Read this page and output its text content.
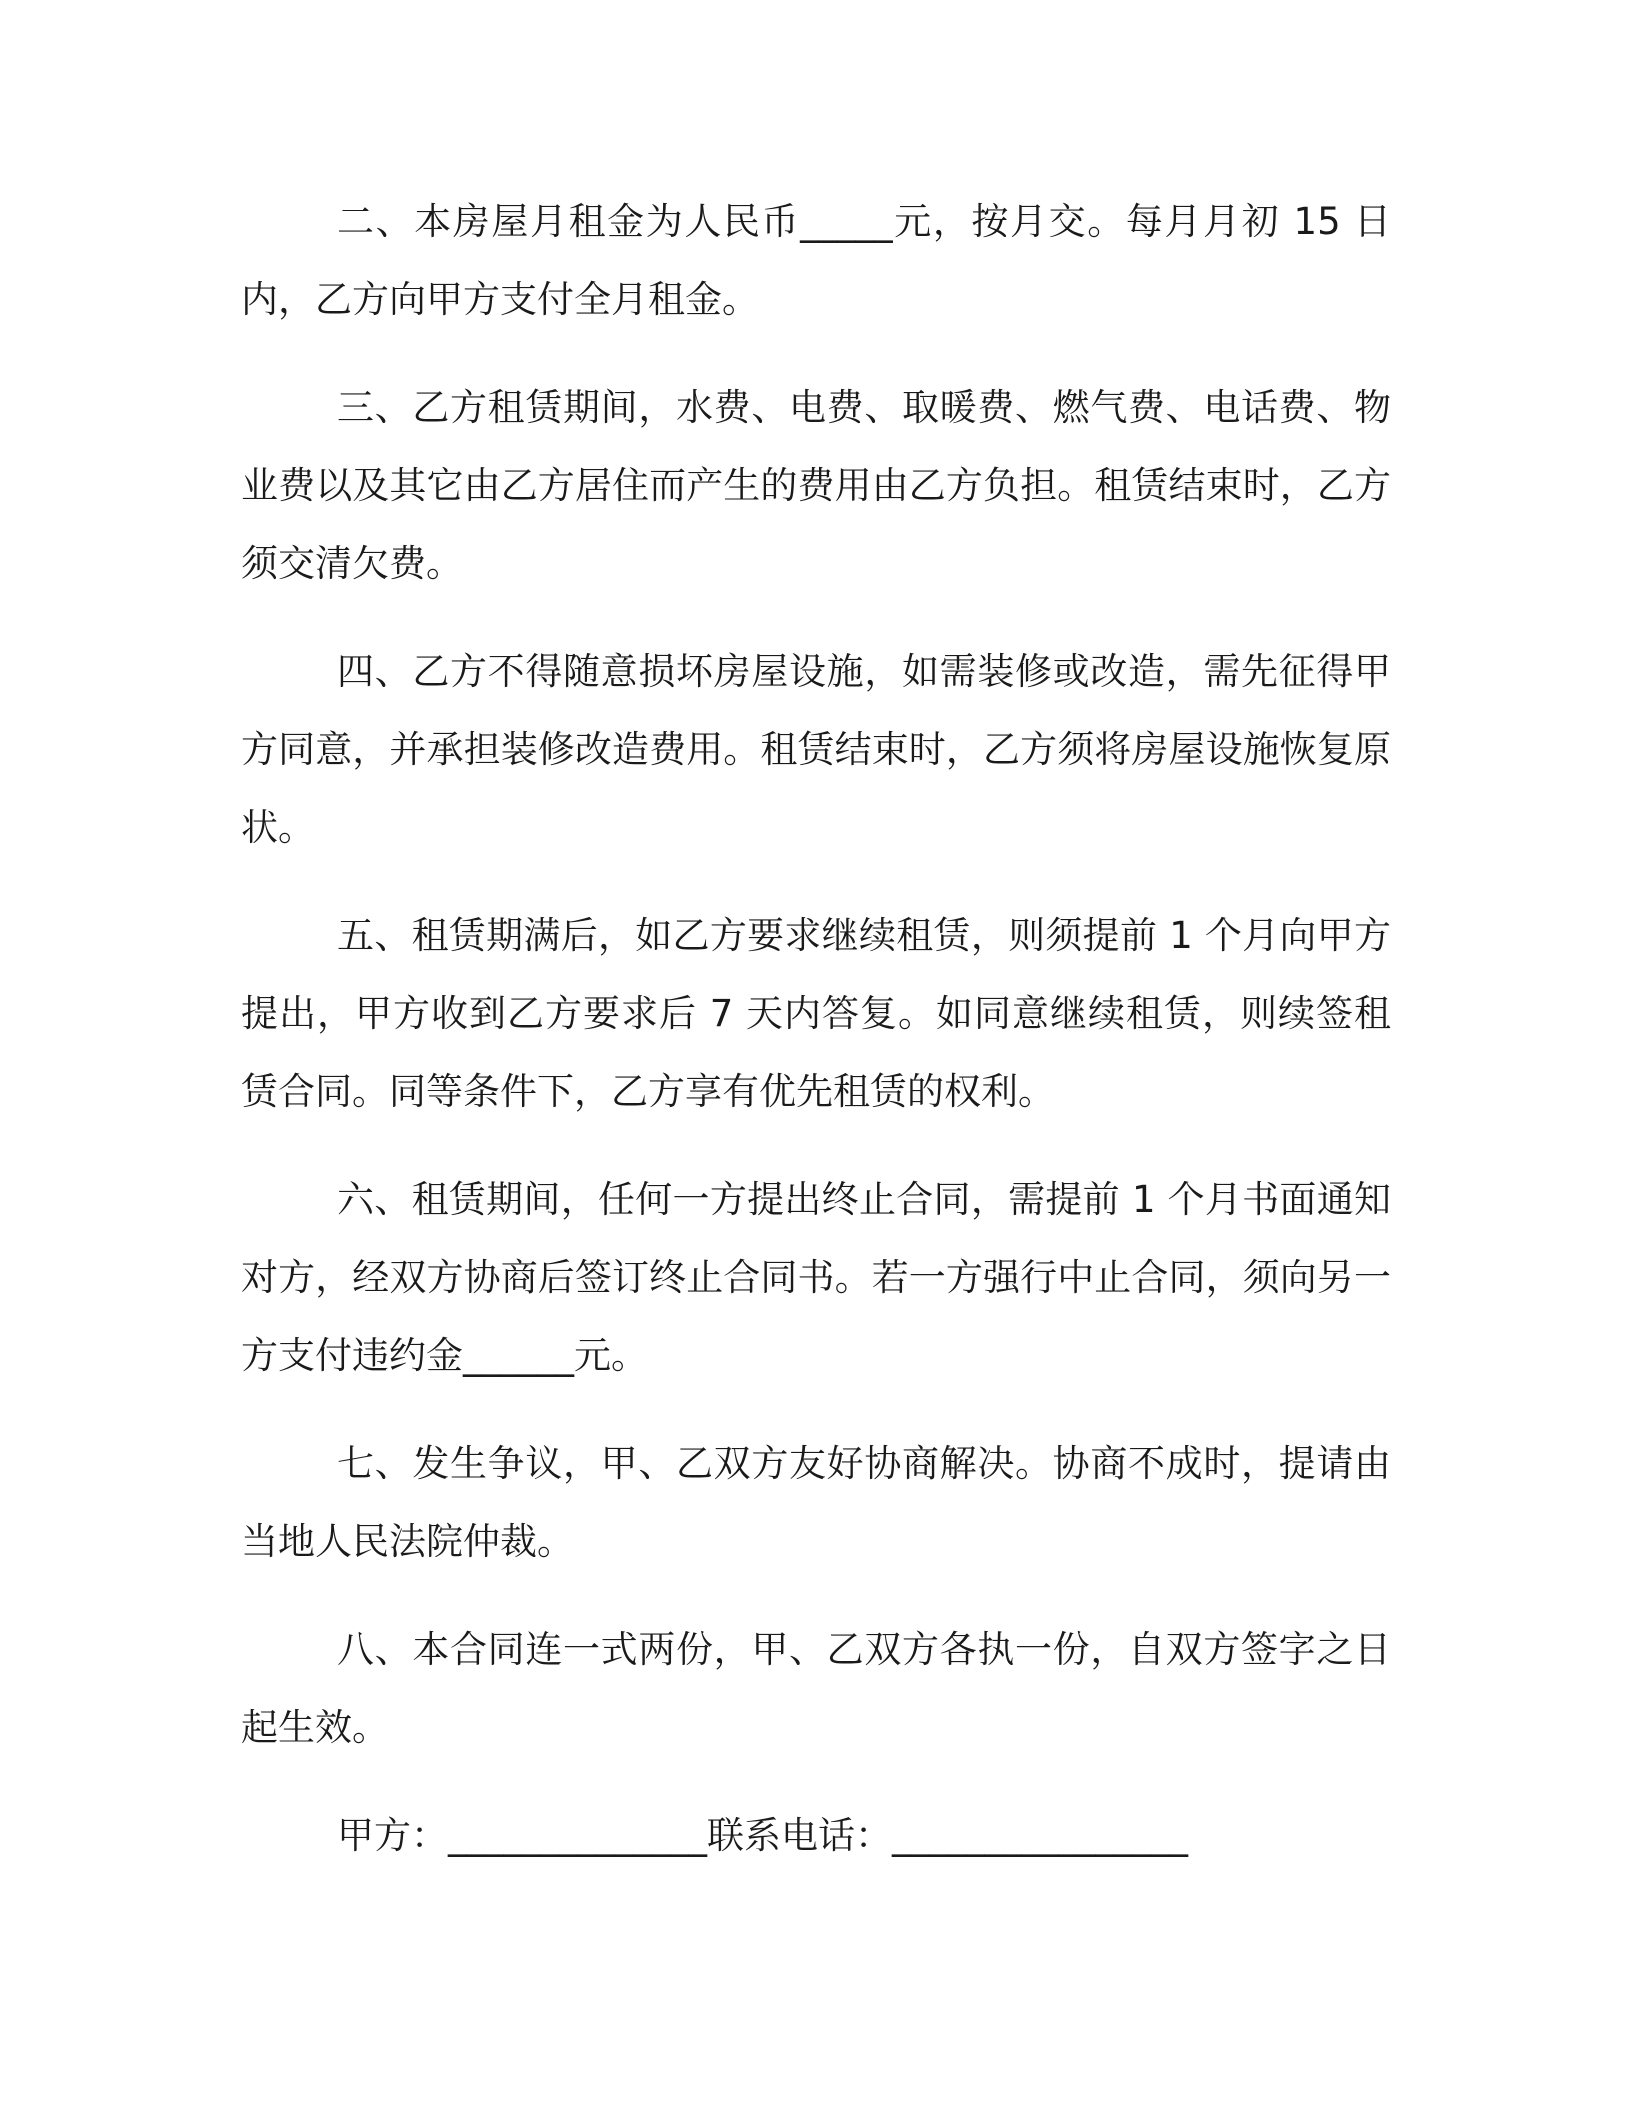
二、本房屋月租金为人民币_____元，按月交。每月月初 15 日内，乙方向甲方支付全月租金。

三、乙方租赁期间，水费、电费、取暖费、燃气费、电话费、物业费以及其它由乙方居住而产生的费用由乙方负担。租赁结束时，乙方须交清欠费。

四、乙方不得随意损坏房屋设施，如需装修或改造，需先征得甲方同意，并承担装修改造费用。租赁结束时，乙方须将房屋设施恢复原状。

五、租赁期满后，如乙方要求继续租赁，则须提前 1 个月向甲方提出，甲方收到乙方要求后 7 天内答复。如同意继续租赁，则续签租赁合同。同等条件下，乙方享有优先租赁的权利。

六、租赁期间，任何一方提出终止合同，需提前 1 个月书面通知对方，经双方协商后签订终止合同书。若一方强行中止合同，须向另一方支付违约金______元。

七、发生争议，甲、乙双方友好协商解决。协商不成时，提请由当地人民法院仲裁。

八、本合同连一式两份，甲、乙双方各执一份，自双方签字之日起生效。

甲方：______________联系电话：________________
